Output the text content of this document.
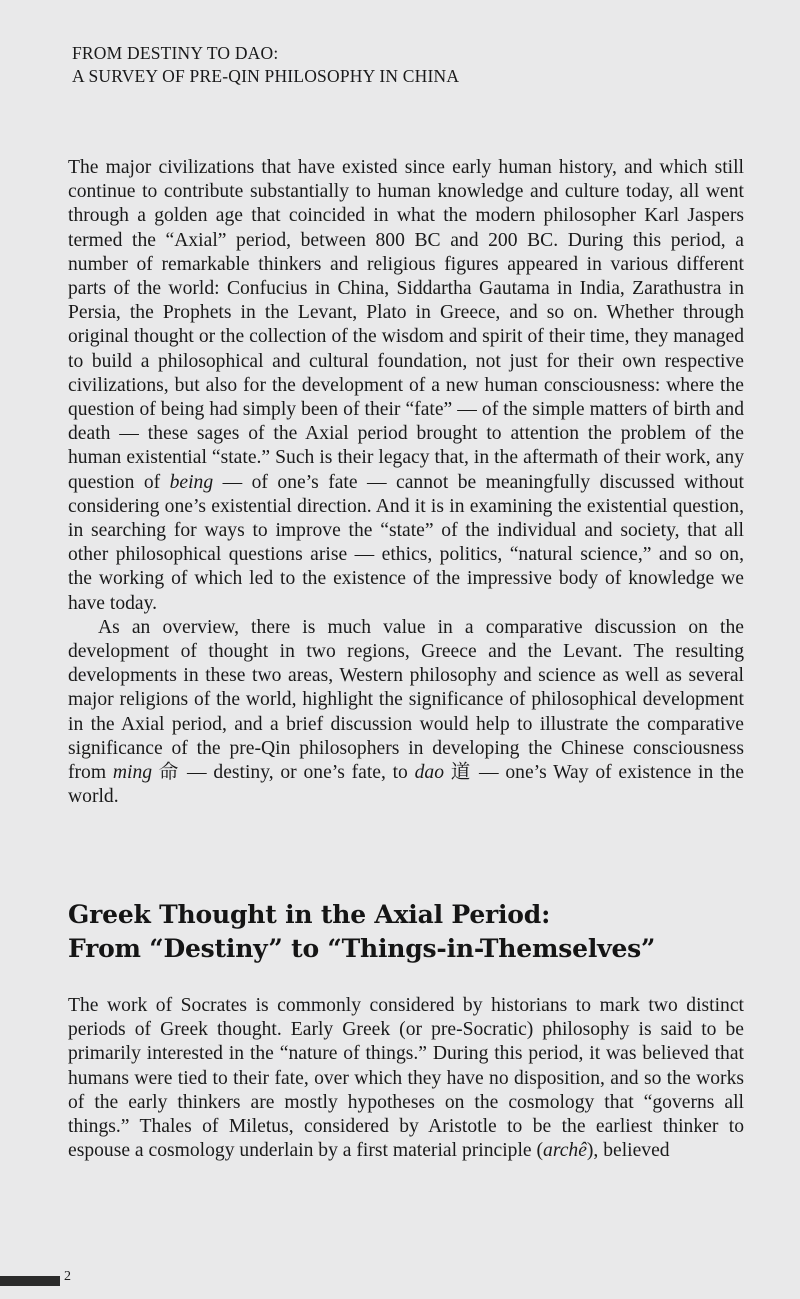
FROM DESTINY TO DAO:
A SURVEY OF PRE-QIN PHILOSOPHY IN CHINA

The major civilizations that have existed since early human history, and which still continue to contribute substantially to human knowledge and culture today, all went through a golden age that coincided in what the modern philosopher Karl Jaspers termed the “Axial” period, between 800 BC and 200 BC. During this period, a number of remarkable thinkers and religious figures appeared in various different parts of the world: Confucius in China, Siddartha Gautama in India, Zarathustra in Persia, the Prophets in the Levant, Plato in Greece, and so on. Whether through original thought or the collection of the wisdom and spirit of their time, they managed to build a philosophical and cultural foundation, not just for their own respective civilizations, but also for the development of a new human consciousness: where the question of being had simply been of their “fate” — of the simple matters of birth and death — these sages of the Axial period brought to attention the problem of the human existential “state.” Such is their legacy that, in the aftermath of their work, any question of being — of one’s fate — cannot be meaningfully discussed without considering one’s existential direction. And it is in examining the existential question, in searching for ways to improve the “state” of the individual and society, that all other philosophical questions arise — ethics, politics, “natural science,” and so on, the working of which led to the existence of the impressive body of knowledge we have today.

As an overview, there is much value in a comparative discussion on the development of thought in two regions, Greece and the Levant. The resulting developments in these two areas, Western philosophy and science as well as several major religions of the world, highlight the significance of philosophical development in the Axial period, and a brief discussion would help to illustrate the comparative significance of the pre-Qin philosophers in developing the Chinese consciousness from ming 命 — destiny, or one’s fate, to dao 道 — one’s Way of existence in the world.

Greek Thought in the Axial Period:
From “Destiny” to “Things-in-Themselves”

The work of Socrates is commonly considered by historians to mark two distinct periods of Greek thought. Early Greek (or pre-Socratic) philosophy is said to be primarily interested in the “nature of things.” During this period, it was believed that humans were tied to their fate, over which they have no disposition, and so the works of the early thinkers are mostly hypotheses on the cosmology that “governs all things.” Thales of Miletus, considered by Aristotle to be the earliest thinker to espouse a cosmology underlain by a first material principle (archê), believed

2
